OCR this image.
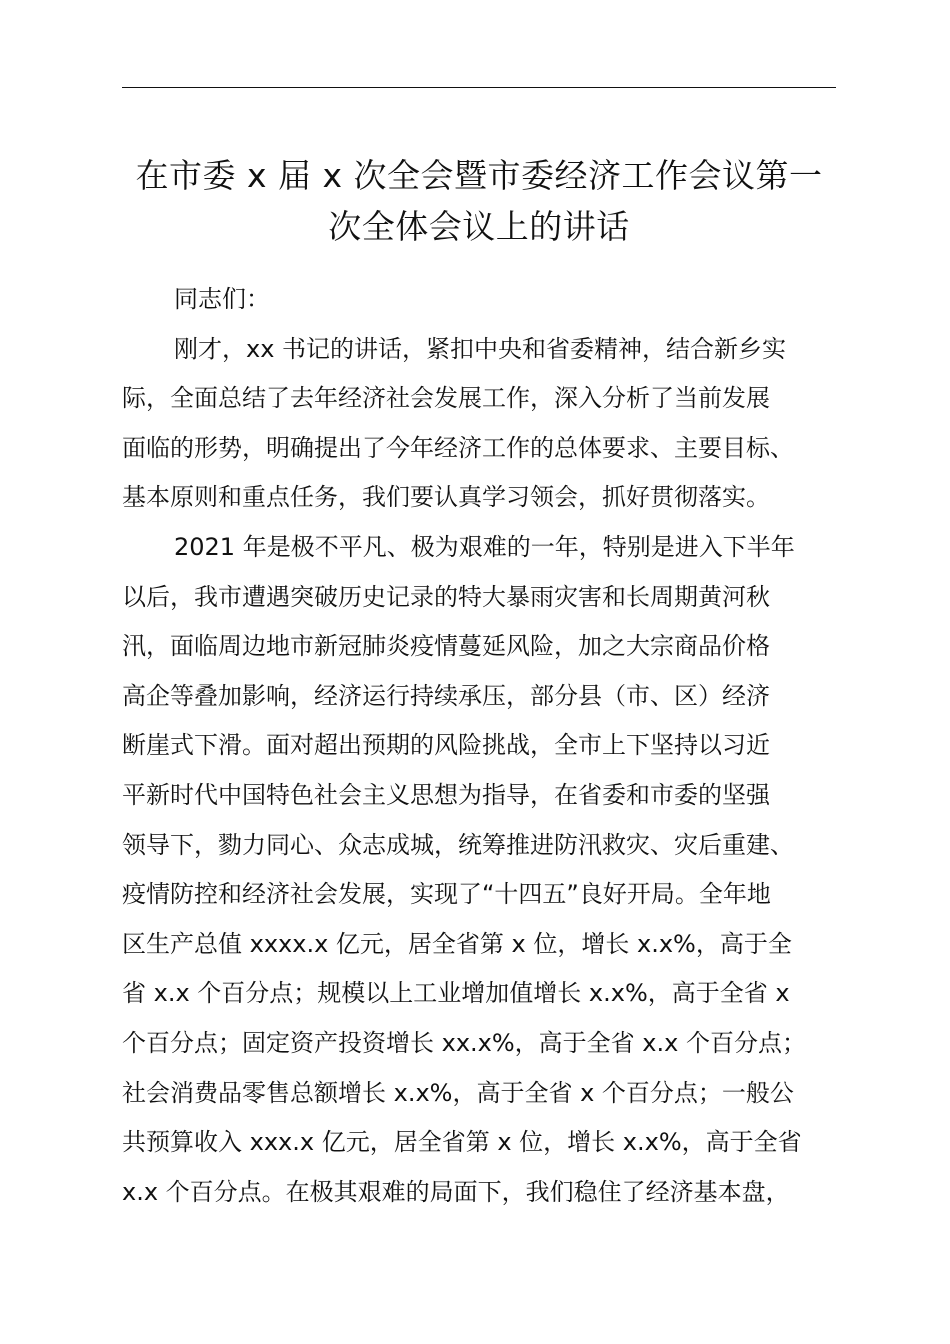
在市委 x 届 x 次全会暨市委经济工作会议第一
次全体会议上的讲话
同志们：
刚才，xx 书记的讲话，紧扣中央和省委精神，结合新乡实
际，全面总结了去年经济社会发展工作，深入分析了当前发展
面临的形势，明确提出了今年经济工作的总体要求、主要目标、
基本原则和重点任务，我们要认真学习领会，抓好贯彻落实。
2021 年是极不平凡、极为艰难的一年，特别是进入下半年
以后，我市遭遇突破历史记录的特大暴雨灾害和长周期黄河秋
汛，面临周边地市新冠肺炎疫情蔓延风险，加之大宗商品价格
高企等叠加影响，经济运行持续承压，部分县（市、区）经济
断崖式下滑。面对超出预期的风险挑战，全市上下坚持以习近
平新时代中国特色社会主义思想为指导，在省委和市委的坚强
领导下，勠力同心、众志成城，统筹推进防汛救灾、灾后重建、
疫情防控和经济社会发展，实现了“十四五”良好开局。全年地
区生产总值 xxxx.x 亿元，居全省第 x 位，增长 x.x%，高于全
省 x.x 个百分点；规模以上工业增加值增长 x.x%，高于全省 x
个百分点；固定资产投资增长 xx.x%，高于全省 x.x 个百分点；
社会消费品零售总额增长 x.x%，高于全省 x 个百分点；一般公
共预算收入 xxx.x 亿元，居全省第 x 位，增长 x.x%，高于全省
x.x 个百分点。在极其艰难的局面下，我们稳住了经济基本盘，
